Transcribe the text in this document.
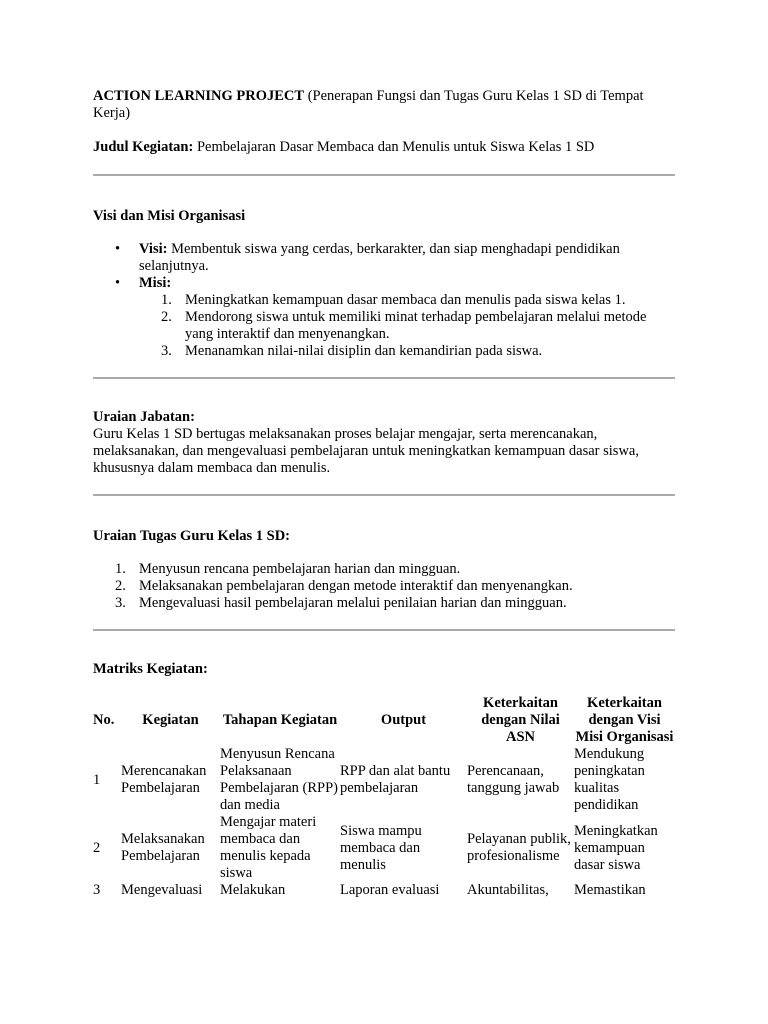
ACTION LEARNING PROJECT (Penerapan Fungsi dan Tugas Guru Kelas 1 SD di Tempat Kerja)

Judul Kegiatan: Pembelajaran Dasar Membaca dan Menulis untuk Siswa Kelas 1 SD

Visi dan Misi Organisasi

• Visi: Membentuk siswa yang cerdas, berkarakter, dan siap menghadapi pendidikan selanjutnya.
• Misi:
1. Meningkatkan kemampuan dasar membaca dan menulis pada siswa kelas 1.
2. Mendorong siswa untuk memiliki minat terhadap pembelajaran melalui metode yang interaktif dan menyenangkan.
3. Menanamkan nilai-nilai disiplin dan kemandirian pada siswa.

Uraian Jabatan:

Guru Kelas 1 SD bertugas melaksanakan proses belajar mengajar, serta merencanakan, melaksanakan, dan mengevaluasi pembelajaran untuk meningkatkan kemampuan dasar siswa, khususnya dalam membaca dan menulis.

Uraian Tugas Guru Kelas 1 SD:

1. Menyusun rencana pembelajaran harian dan mingguan.
2. Melaksanakan pembelajaran dengan metode interaktif dan menyenangkan.
3. Mengevaluasi hasil pembelajaran melalui penilaian harian dan mingguan.

Matriks Kegiatan:

No.	Kegiatan	Tahapan Kegiatan	Output	Keterkaitan dengan Nilai ASN	Keterkaitan dengan Visi Misi Organisasi
1	Merencanakan Pembelajaran	Menyusun Rencana Pelaksanaan Pembelajaran (RPP) dan media	RPP dan alat bantu pembelajaran	Perencanaan, tanggung jawab	Mendukung peningkatan kualitas pendidikan
2	Melaksanakan Pembelajaran	Mengajar materi membaca dan menulis kepada siswa	Siswa mampu membaca dan menulis	Pelayanan publik, profesionalisme	Meningkatkan kemampuan dasar siswa
3	Mengevaluasi	Melakukan	Laporan evaluasi	Akuntabilitas,	Memastikan
